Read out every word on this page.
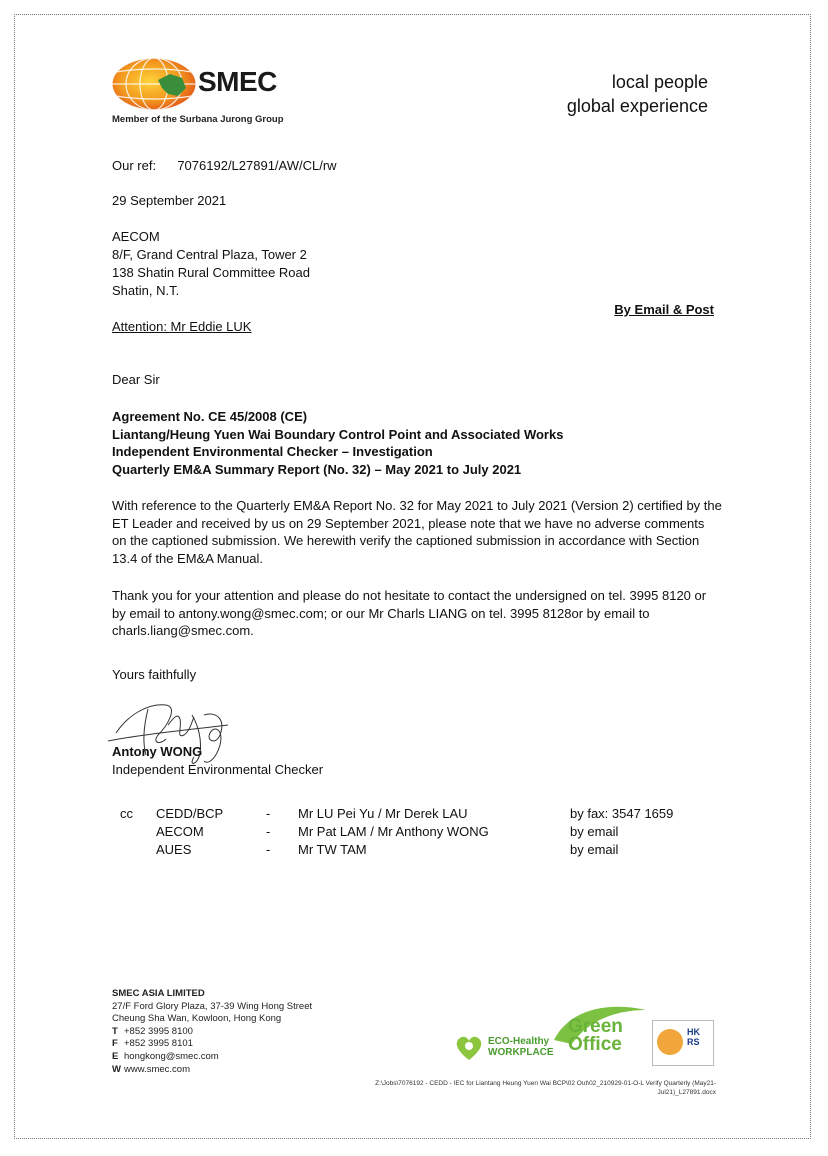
SMEC
Member of the Surbana Jurong Group
local people
global experience
Our ref: 7076192/L27891/AW/CL/rw
29 September 2021
AECOM
8/F, Grand Central Plaza, Tower 2
138 Shatin Rural Committee Road
Shatin, N.T.
By Email & Post
Attention: Mr Eddie LUK
Dear Sir
Agreement No. CE 45/2008 (CE)
Liantang/Heung Yuen Wai Boundary Control Point and Associated Works
Independent Environmental Checker – Investigation
Quarterly EM&A Summary Report (No. 32) – May 2021 to July 2021
With reference to the Quarterly EM&A Report No. 32 for May 2021 to July 2021 (Version 2) certified by the ET Leader and received by us on 29 September 2021, please note that we have no adverse comments on the captioned submission. We herewith verify the captioned submission in accordance with Section 13.4 of the EM&A Manual.
Thank you for your attention and please do not hesitate to contact the undersigned on tel. 3995 8120 or by email to antony.wong@smec.com; or our Mr Charls LIANG on tel. 3995 8128or by email to charls.liang@smec.com.
Yours faithfully
Antony WONG
Independent Environmental Checker
cc CEDD/BCP	- Mr LU Pei Yu / Mr Derek LAU	by fax: 3547 1659
AECOM	- Mr Pat LAM / Mr Anthony WONG	by email
AUES	- Mr TW TAM	by email
SMEC ASIA LIMITED
27/F Ford Glory Plaza, 37-39 Wing Hong Street
Cheung Sha Wan, Kowloon, Hong Kong
T +852 3995 8100
F +852 3995 8101
E hongkong@smec.com
W www.smec.com
ECO-Healthy
WORKPLACE
Green
Office
HK RS
Z:\Jobs\7076192 - CEDD - IEC for Liantang Heung Yuen Wai BCP\02 Out\02_210929-01-O-L Verify Quarterly (May21-Jul21)_L27891.docx
